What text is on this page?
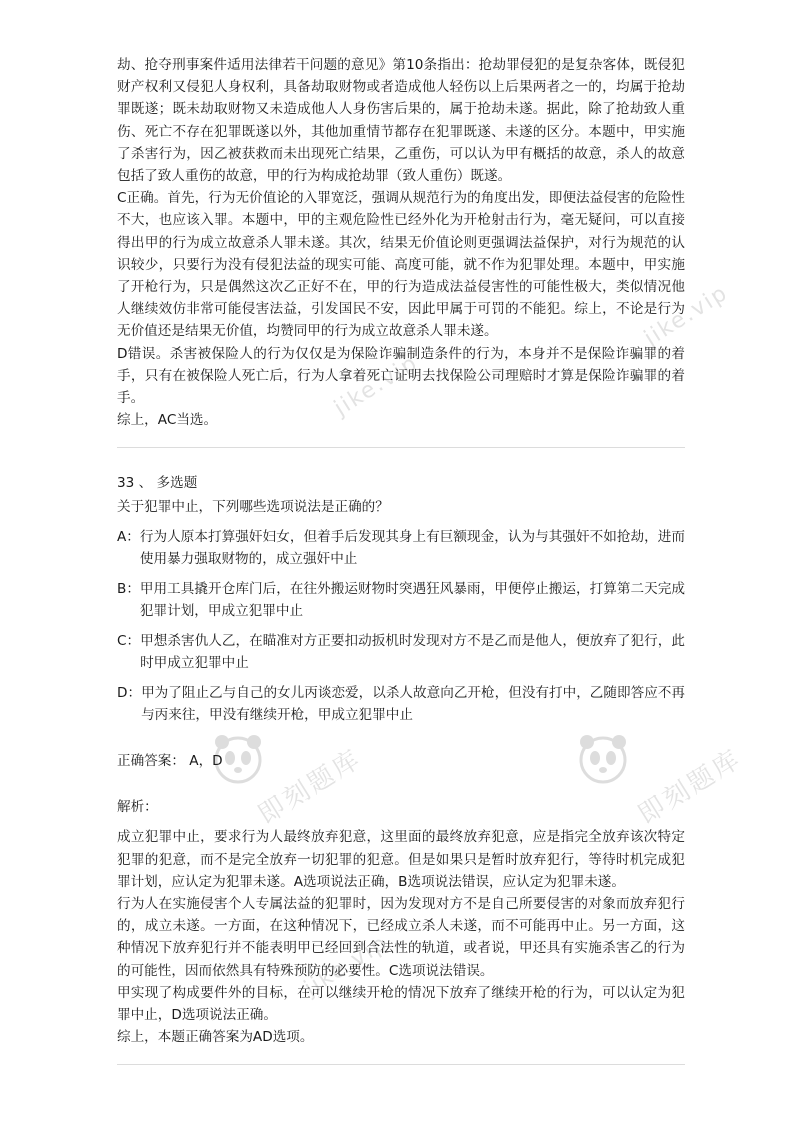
劫、抢夺刑事案件适用法律若干问题的意见》第10条指出：抢劫罪侵犯的是复杂客体，既侵犯财产权利又侵犯人身权利，具备劫取财物或者造成他人轻伤以上后果两者之一的，均属于抢劫罪既遂；既未劫取财物又未造成他人人身伤害后果的，属于抢劫未遂。据此，除了抢劫致人重伤、死亡不存在犯罪既遂以外，其他加重情节都存在犯罪既遂、未遂的区分。本题中，甲实施了杀害行为，因乙被获救而未出现死亡结果，乙重伤，可以认为甲有概括的故意，杀人的故意包括了致人重伤的故意，甲的行为构成抢劫罪（致人重伤）既遂。

C正确。首先，行为无价值论的入罪宽泛，强调从规范行为的角度出发，即便法益侵害的危险性不大，也应该入罪。本题中，甲的主观危险性已经外化为开枪射击行为，毫无疑问，可以直接得出甲的行为成立故意杀人罪未遂。其次，结果无价值论则更强调法益保护，对行为规范的认识较少，只要行为没有侵犯法益的现实可能、高度可能，就不作为犯罪处理。本题中，甲实施了开枪行为，只是偶然这次乙正好不在，甲的行为造成法益侵害性的可能性极大，类似情况他人继续效仿非常可能侵害法益，引发国民不安，因此甲属于可罚的不能犯。综上，不论是行为无价值还是结果无价值，均赞同甲的行为成立故意杀人罪未遂。

D错误。杀害被保险人的行为仅仅是为保险诈骗制造条件的行为，本身并不是保险诈骗罪的着手，只有在被保险人死亡后，行为人拿着死亡证明去找保险公司理赔时才算是保险诈骗罪的着手。

综上，AC当选。

33 、 多选题

关于犯罪中止，下列哪些选项说法是正确的？

A： 行为人原本打算强奸妇女，但着手后发现其身上有巨额现金，认为与其强奸不如抢劫，进而使用暴力强取财物的，成立强奸中止
B： 甲用工具撬开仓库门后，在往外搬运财物时突遇狂风暴雨，甲便停止搬运，打算第二天完成犯罪计划，甲成立犯罪中止
C： 甲想杀害仇人乙，在瞄准对方正要扣动扳机时发现对方不是乙而是他人，便放弃了犯行，此时甲成立犯罪中止
D： 甲为了阻止乙与自己的女儿丙谈恋爱，以杀人故意向乙开枪，但没有打中，乙随即答应不再与丙来往，甲没有继续开枪，甲成立犯罪中止

正确答案： A，D

解析：

成立犯罪中止，要求行为人最终放弃犯意，这里面的最终放弃犯意，应是指完全放弃该次特定犯罪的犯意，而不是完全放弃一切犯罪的犯意。但是如果只是暂时放弃犯行，等待时机完成犯罪计划，应认定为犯罪未遂。A选项说法正确，B选项说法错误，应认定为犯罪未遂。

行为人在实施侵害个人专属法益的犯罪时，因为发现对方不是自己所要侵害的对象而放弃犯行的，成立未遂。一方面，在这种情况下，已经成立杀人未遂，而不可能再中止。另一方面，这种情况下放弃犯行并不能表明甲已经回到合法性的轨道，或者说，甲还具有实施杀害乙的行为的可能性，因而依然具有特殊预防的必要性。C选项说法错误。

甲实现了构成要件外的目标，在可以继续开枪的情况下放弃了继续开枪的行为，可以认定为犯罪中止，D选项说法正确。

综上，本题正确答案为AD选项。

即刻题库	即刻题库
jike.vip
jike.vip
jike.vip
